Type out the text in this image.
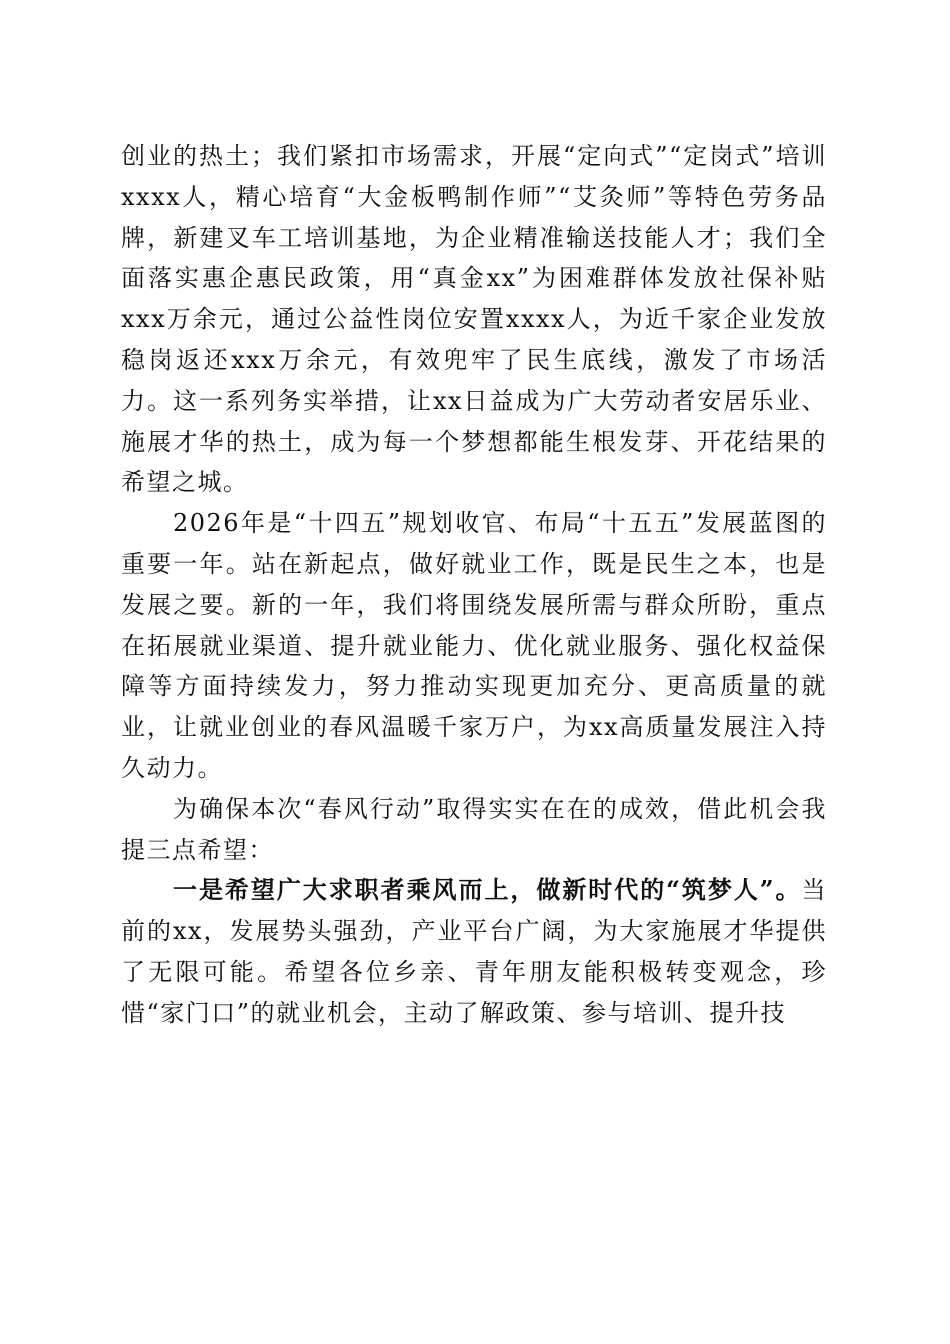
创业的热土；我们紧扣市场需求，开展“定向式”“定岗式”培训xxxx人，精心培育“大金板鸭制作师”“艾灸师”等特色劳务品牌，新建叉车工培训基地，为企业精准输送技能人才；我们全面落实惠企惠民政策，用“真金xx”为困难群体发放社保补贴xxx万余元，通过公益性岗位安置xxxx人，为近千家企业发放稳岗返还xxx万余元，有效兜牢了民生底线，激发了市场活力。这一系列务实举措，让xx日益成为广大劳动者安居乐业、施展才华的热土，成为每一个梦想都能生根发芽、开花结果的希望之城。

2026年是“十四五”规划收官、布局“十五五”发展蓝图的重要一年。站在新起点，做好就业工作，既是民生之本，也是发展之要。新的一年，我们将围绕发展所需与群众所盼，重点在拓展就业渠道、提升就业能力、优化就业服务、强化权益保障等方面持续发力，努力推动实现更加充分、更高质量的就业，让就业创业的春风温暖千家万户，为xx高质量发展注入持久动力。

为确保本次“春风行动”取得实实在在的成效，借此机会我提三点希望：

一是希望广大求职者乘风而上，做新时代的“筑梦人”。当前的xx，发展势头强劲，产业平台广阔，为大家施展才华提供了无限可能。希望各位乡亲、青年朋友能积极转变观念，珍惜“家门口”的就业机会，主动了解政策、参与培训、提升技
